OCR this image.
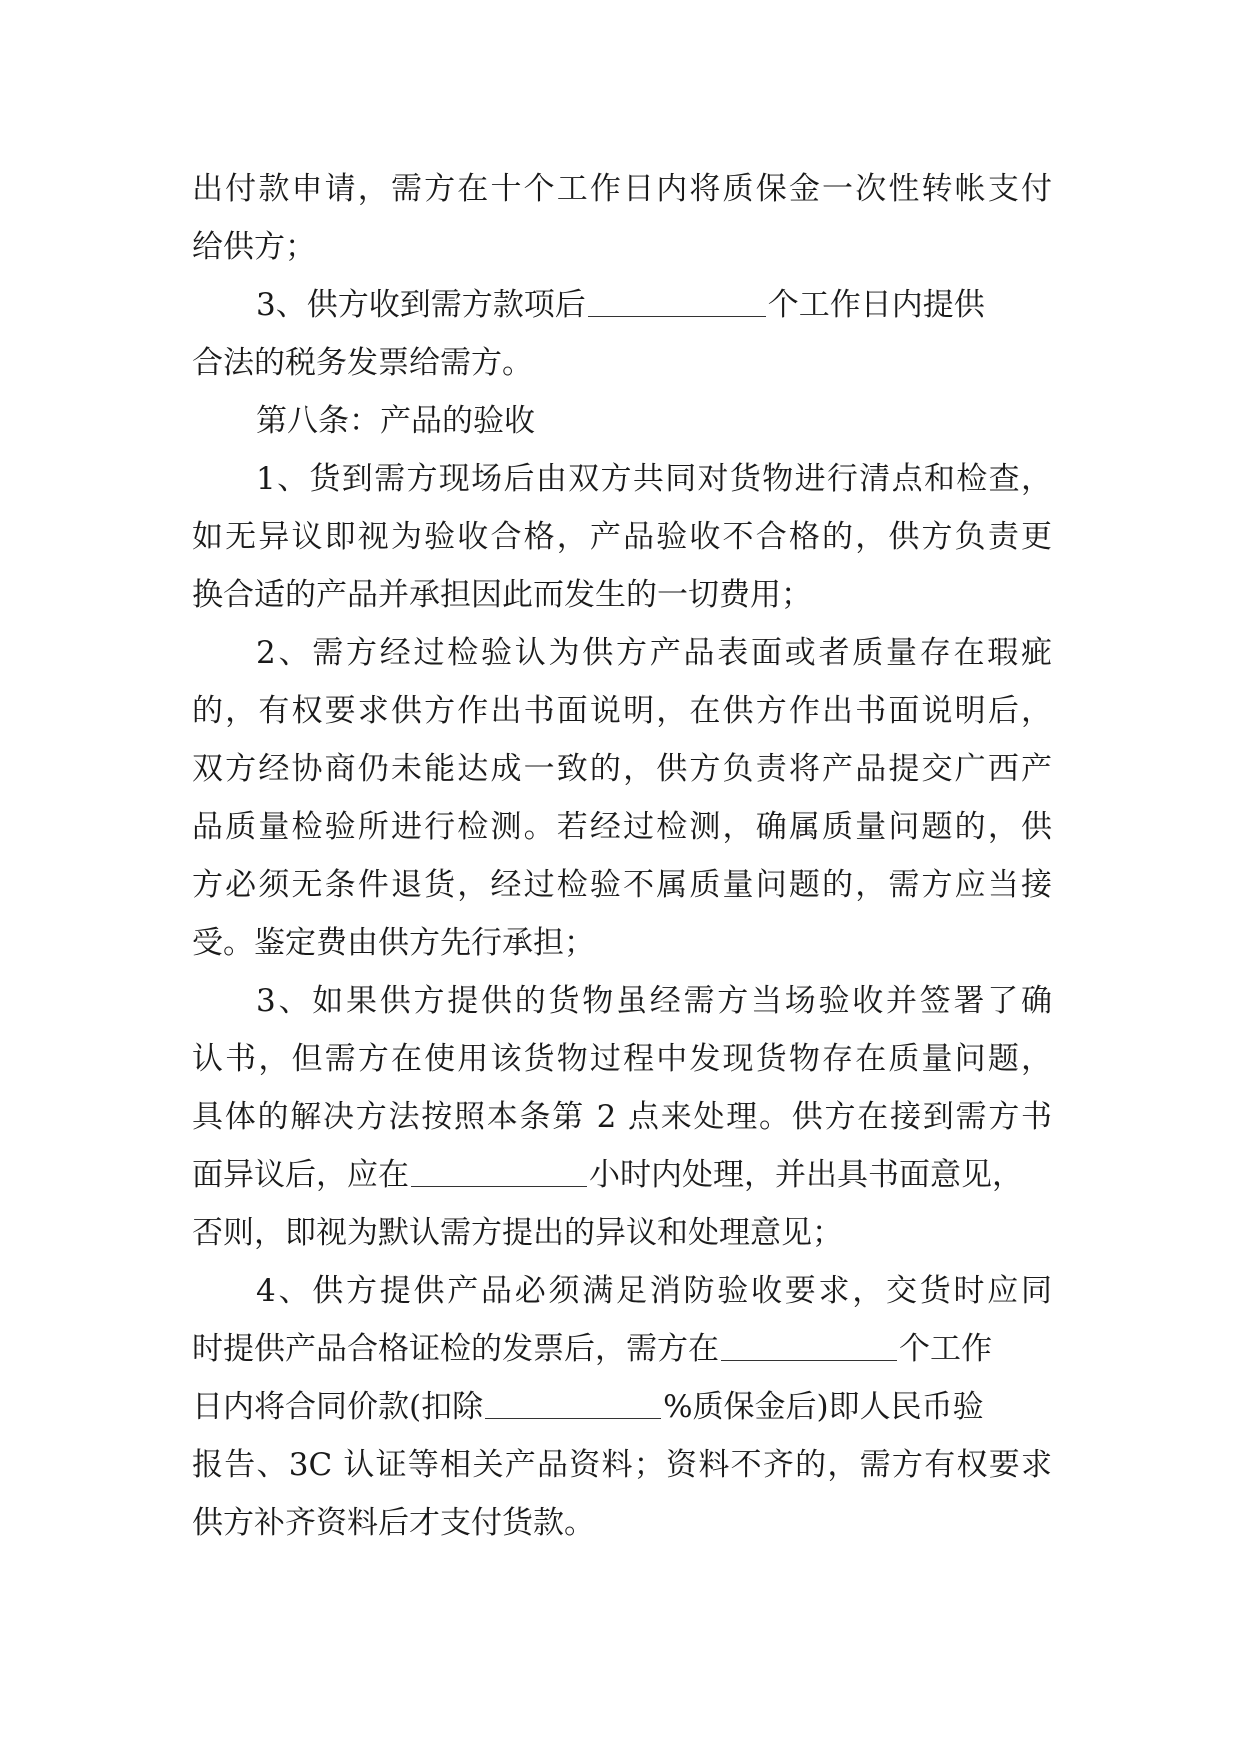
出付款申请，需方在十个工作日内将质保金一次性转帐支付
给供方；
3、供方收到需方款项后	个工作日内提供
合法的税务发票给需方。
第八条：产品的验收
1、货到需方现场后由双方共同对货物进行清点和检查，
如无异议即视为验收合格，产品验收不合格的，供方负责更
换合适的产品并承担因此而发生的一切费用；
2、需方经过检验认为供方产品表面或者质量存在瑕疵
的，有权要求供方作出书面说明，在供方作出书面说明后，
双方经协商仍未能达成一致的，供方负责将产品提交广西产
品质量检验所进行检测。若经过检测，确属质量问题的，供
方必须无条件退货，经过检验不属质量问题的，需方应当接
受。鉴定费由供方先行承担；
3、如果供方提供的货物虽经需方当场验收并签署了确
认书，但需方在使用该货物过程中发现货物存在质量问题，
具体的解决方法按照本条第 2 点来处理。供方在接到需方书
面异议后，应在	小时内处理，并出具书面意见，
否则，即视为默认需方提出的异议和处理意见；
4、供方提供产品必须满足消防验收要求，交货时应同
时提供产品合格证检的发票后，需方在	个工作
日内将合同价款(扣除	%质保金后)即人民币验
报告、3C 认证等相关产品资料；资料不齐的，需方有权要求
供方补齐资料后才支付货款。
